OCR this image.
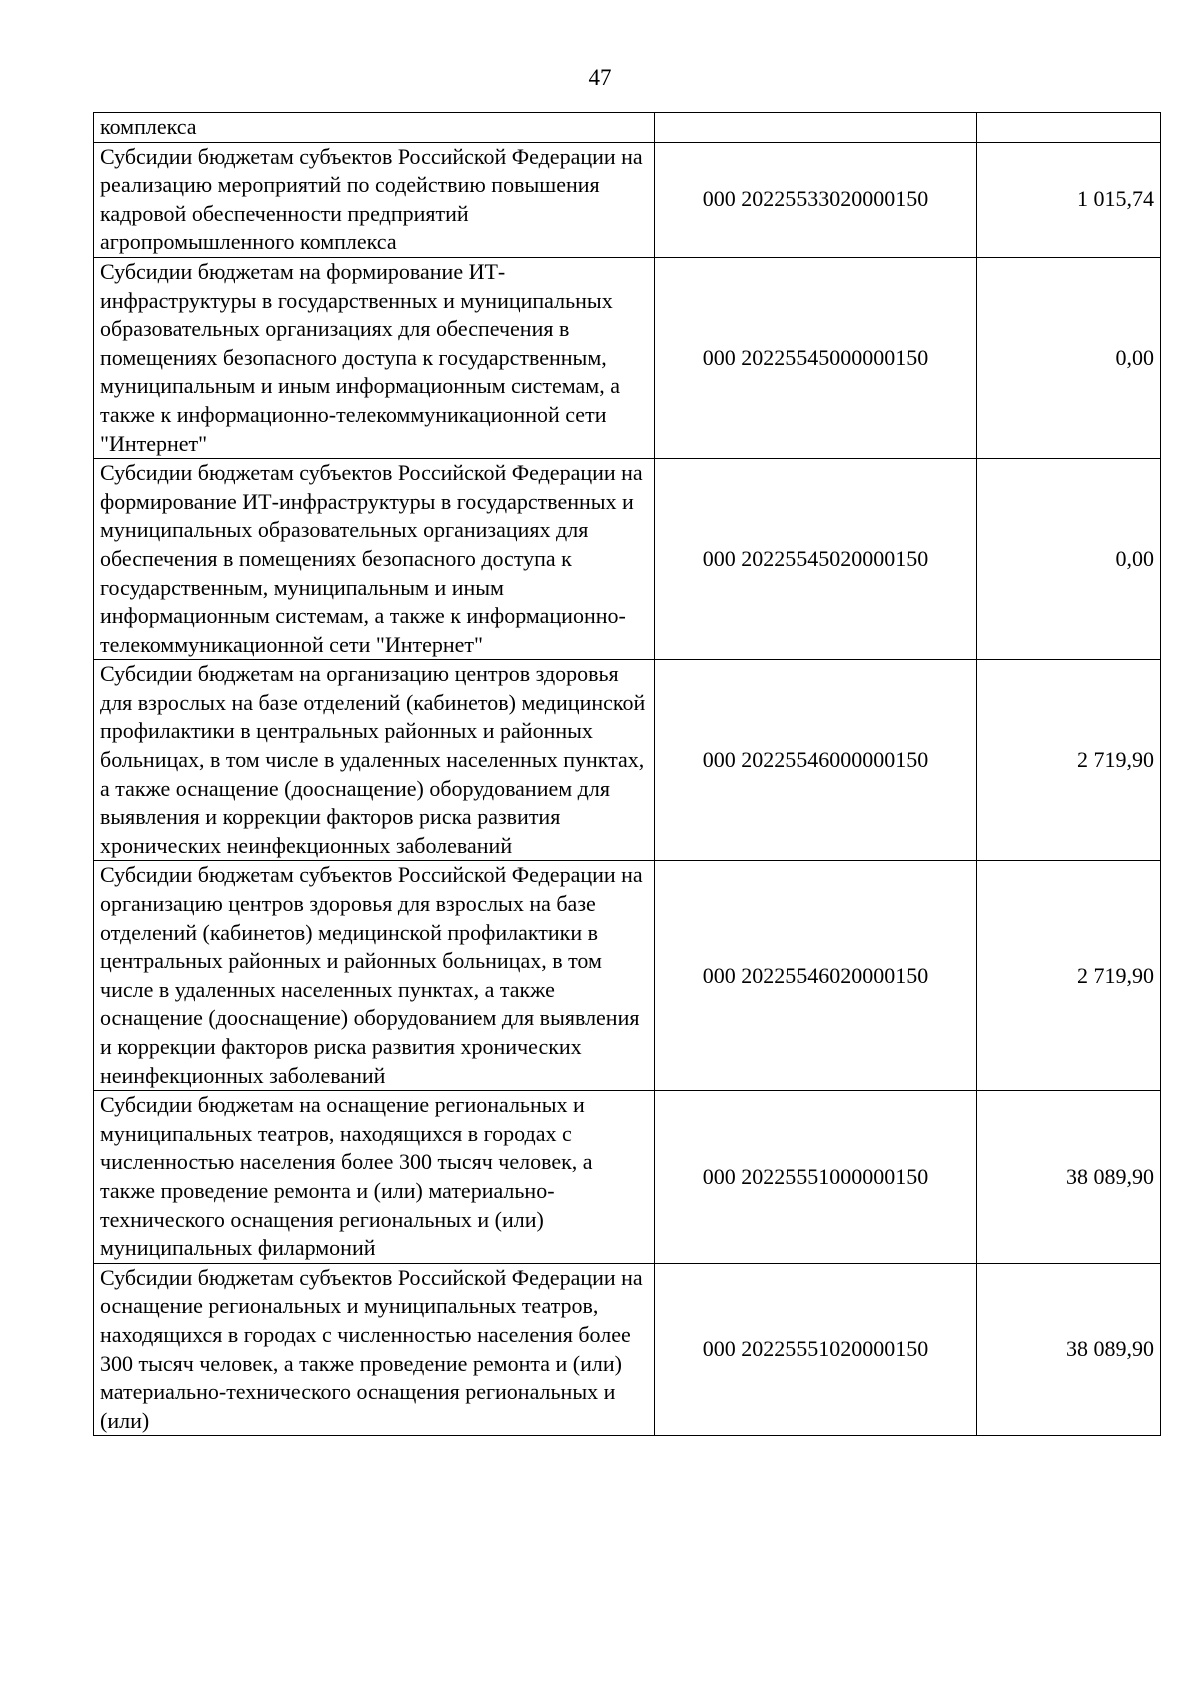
47
комплекса		
Субсидии бюджетам субъектов Российской Федерации на реализацию мероприятий по содействию повышения кадровой обеспеченности предприятий агропромышленного комплекса	000 20225533020000150	1 015,74
Субсидии бюджетам на формирование ИТ-инфраструктуры в государственных и муниципальных образовательных организациях для обеспечения в помещениях безопасного доступа к государственным, муниципальным и иным информационным системам, а также к информационно-телекоммуникационной сети "Интернет"	000 20225545000000150	0,00
Субсидии бюджетам субъектов Российской Федерации на формирование ИТ-инфраструктуры в государственных и муниципальных образовательных организациях для обеспечения в помещениях безопасного доступа к государственным, муниципальным и иным информационным системам, а также к информационно-телекоммуникационной сети "Интернет"	000 20225545020000150	0,00
Субсидии бюджетам на организацию центров здоровья для взрослых на базе отделений (кабинетов) медицинской профилактики в центральных районных и районных больницах, в том числе в удаленных населенных пунктах, а также оснащение (дооснащение) оборудованием для выявления и коррекции факторов риска развития хронических неинфекционных заболеваний	000 20225546000000150	2 719,90
Субсидии бюджетам субъектов Российской Федерации на организацию центров здоровья для взрослых на базе отделений (кабинетов) медицинской профилактики в центральных районных и районных больницах, в том числе в удаленных населенных пунктах, а также оснащение (дооснащение) оборудованием для выявления и коррекции факторов риска развития хронических неинфекционных заболеваний	000 20225546020000150	2 719,90
Субсидии бюджетам на оснащение региональных и муниципальных театров, находящихся в городах с численностью населения более 300 тысяч человек, а также проведение ремонта и (или) материально-технического оснащения региональных и (или) муниципальных филармоний	000 20225551000000150	38 089,90
Субсидии бюджетам субъектов Российской Федерации на оснащение региональных и муниципальных театров, находящихся в городах с численностью населения более 300 тысяч человек, а также проведение ремонта и (или) материально-технического оснащения региональных и (или)	000 20225551020000150	38 089,90
